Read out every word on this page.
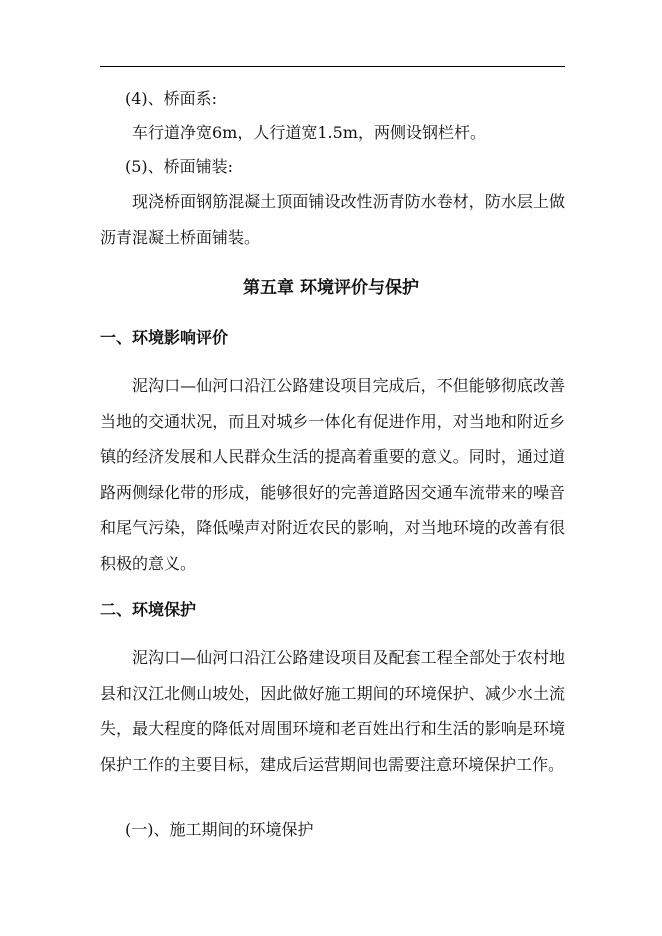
(4)、桥面系:
车行道净宽6m，人行道宽1.5m，两侧设钢栏杆。
(5)、桥面铺装:
现浇桥面钢筋混凝土顶面铺设改性沥青防水卷材，防水层上做沥青混凝土桥面铺装。
第五章 环境评价与保护
一、环境影响评价
泥沟口—仙河口沿江公路建设项目完成后，不但能够彻底改善当地的交通状况，而且对城乡一体化有促进作用，对当地和附近乡镇的经济发展和人民群众生活的提高着重要的意义。同时，通过道路两侧绿化带的形成，能够很好的完善道路因交通车流带来的噪音和尾气污染，降低噪声对附近农民的影响，对当地环境的改善有很积极的意义。
二、环境保护
泥沟口—仙河口沿江公路建设项目及配套工程全部处于农村地县和汉江北侧山坡处，因此做好施工期间的环境保护、减少水土流失，最大程度的降低对周围环境和老百姓出行和生活的影响是环境保护工作的主要目标，建成后运营期间也需要注意环境保护工作。
(一)、施工期间的环境保护
